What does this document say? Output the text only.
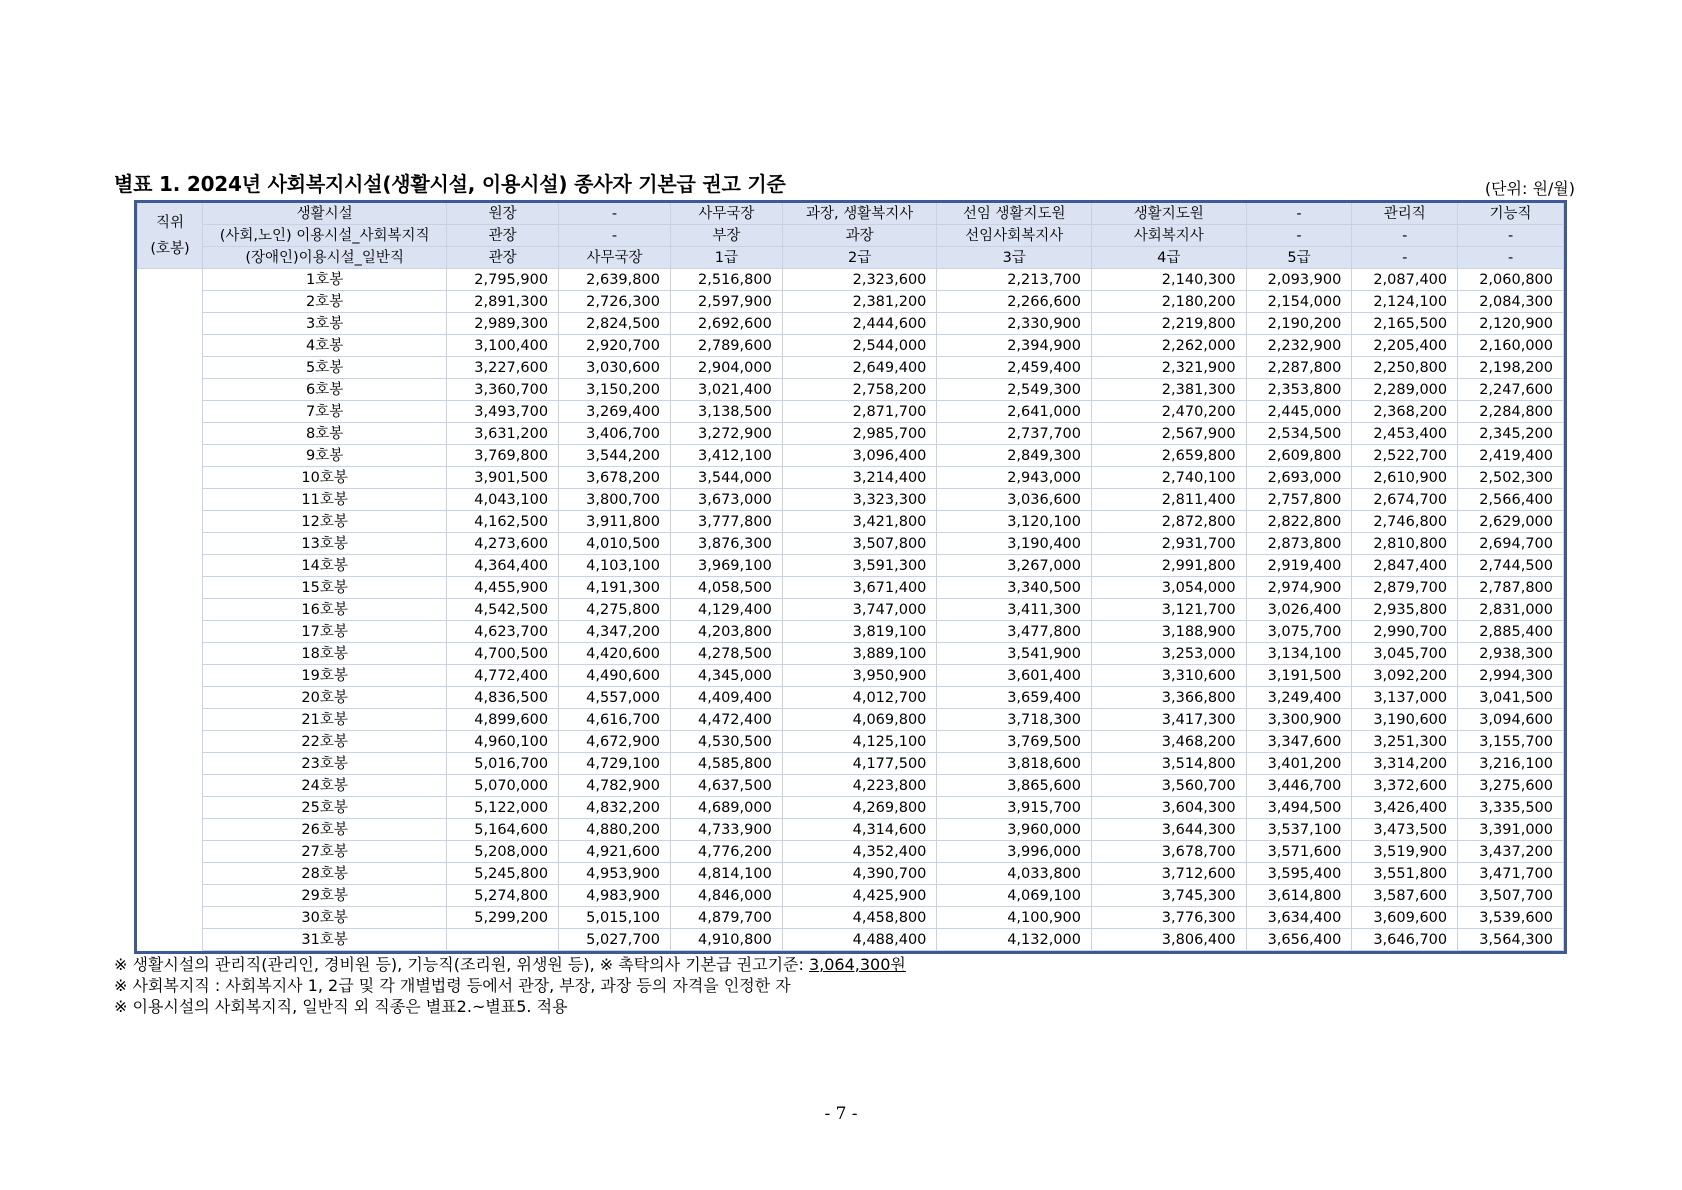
별표 1. 2024년 사회복지시설(생활시설, 이용시설) 종사자 기본급 권고 기준	(단위: 원/월)
직위
(호봉)	생활시설	원장	-	사무국장	과장, 생활복지사	선임 생활지도원	생활지도원	-	관리직	기능직
	(사회,노인) 이용시설_사회복지직	관장	-	부장	과장	선임사회복지사	사회복지사	-	-	-
	(장애인)이용시설_일반직	관장	사무국장	1급	2급	3급	4급	5급	-	-
	1호봉	2,795,900	2,639,800	2,516,800	2,323,600	2,213,700	2,140,300	2,093,900	2,087,400	2,060,800
	2호봉	2,891,300	2,726,300	2,597,900	2,381,200	2,266,600	2,180,200	2,154,000	2,124,100	2,084,300
	3호봉	2,989,300	2,824,500	2,692,600	2,444,600	2,330,900	2,219,800	2,190,200	2,165,500	2,120,900
	4호봉	3,100,400	2,920,700	2,789,600	2,544,000	2,394,900	2,262,000	2,232,900	2,205,400	2,160,000
	5호봉	3,227,600	3,030,600	2,904,000	2,649,400	2,459,400	2,321,900	2,287,800	2,250,800	2,198,200
	6호봉	3,360,700	3,150,200	3,021,400	2,758,200	2,549,300	2,381,300	2,353,800	2,289,000	2,247,600
	7호봉	3,493,700	3,269,400	3,138,500	2,871,700	2,641,000	2,470,200	2,445,000	2,368,200	2,284,800
	8호봉	3,631,200	3,406,700	3,272,900	2,985,700	2,737,700	2,567,900	2,534,500	2,453,400	2,345,200
	9호봉	3,769,800	3,544,200	3,412,100	3,096,400	2,849,300	2,659,800	2,609,800	2,522,700	2,419,400
	10호봉	3,901,500	3,678,200	3,544,000	3,214,400	2,943,000	2,740,100	2,693,000	2,610,900	2,502,300
	11호봉	4,043,100	3,800,700	3,673,000	3,323,300	3,036,600	2,811,400	2,757,800	2,674,700	2,566,400
	12호봉	4,162,500	3,911,800	3,777,800	3,421,800	3,120,100	2,872,800	2,822,800	2,746,800	2,629,000
	13호봉	4,273,600	4,010,500	3,876,300	3,507,800	3,190,400	2,931,700	2,873,800	2,810,800	2,694,700
	14호봉	4,364,400	4,103,100	3,969,100	3,591,300	3,267,000	2,991,800	2,919,400	2,847,400	2,744,500
	15호봉	4,455,900	4,191,300	4,058,500	3,671,400	3,340,500	3,054,000	2,974,900	2,879,700	2,787,800
	16호봉	4,542,500	4,275,800	4,129,400	3,747,000	3,411,300	3,121,700	3,026,400	2,935,800	2,831,000
	17호봉	4,623,700	4,347,200	4,203,800	3,819,100	3,477,800	3,188,900	3,075,700	2,990,700	2,885,400
	18호봉	4,700,500	4,420,600	4,278,500	3,889,100	3,541,900	3,253,000	3,134,100	3,045,700	2,938,300
	19호봉	4,772,400	4,490,600	4,345,000	3,950,900	3,601,400	3,310,600	3,191,500	3,092,200	2,994,300
	20호봉	4,836,500	4,557,000	4,409,400	4,012,700	3,659,400	3,366,800	3,249,400	3,137,000	3,041,500
	21호봉	4,899,600	4,616,700	4,472,400	4,069,800	3,718,300	3,417,300	3,300,900	3,190,600	3,094,600
	22호봉	4,960,100	4,672,900	4,530,500	4,125,100	3,769,500	3,468,200	3,347,600	3,251,300	3,155,700
	23호봉	5,016,700	4,729,100	4,585,800	4,177,500	3,818,600	3,514,800	3,401,200	3,314,200	3,216,100
	24호봉	5,070,000	4,782,900	4,637,500	4,223,800	3,865,600	3,560,700	3,446,700	3,372,600	3,275,600
	25호봉	5,122,000	4,832,200	4,689,000	4,269,800	3,915,700	3,604,300	3,494,500	3,426,400	3,335,500
	26호봉	5,164,600	4,880,200	4,733,900	4,314,600	3,960,000	3,644,300	3,537,100	3,473,500	3,391,000
	27호봉	5,208,000	4,921,600	4,776,200	4,352,400	3,996,000	3,678,700	3,571,600	3,519,900	3,437,200
	28호봉	5,245,800	4,953,900	4,814,100	4,390,700	4,033,800	3,712,600	3,595,400	3,551,800	3,471,700
	29호봉	5,274,800	4,983,900	4,846,000	4,425,900	4,069,100	3,745,300	3,614,800	3,587,600	3,507,700
	30호봉	5,299,200	5,015,100	4,879,700	4,458,800	4,100,900	3,776,300	3,634,400	3,609,600	3,539,600
	31호봉		5,027,700	4,910,800	4,488,400	4,132,000	3,806,400	3,656,400	3,646,700	3,564,300
※ 생활시설의 관리직(관리인, 경비원 등), 기능직(조리원, 위생원 등), ※ 촉탁의사 기본급 권고기준: 3,064,300원
※ 사회복지직 : 사회복지사 1, 2급 및 각 개별법령 등에서 관장, 부장, 과장 등의 자격을 인정한 자
※ 이용시설의 사회복지직, 일반직 외 직종은 별표2.~별표5. 적용
- 7 -
